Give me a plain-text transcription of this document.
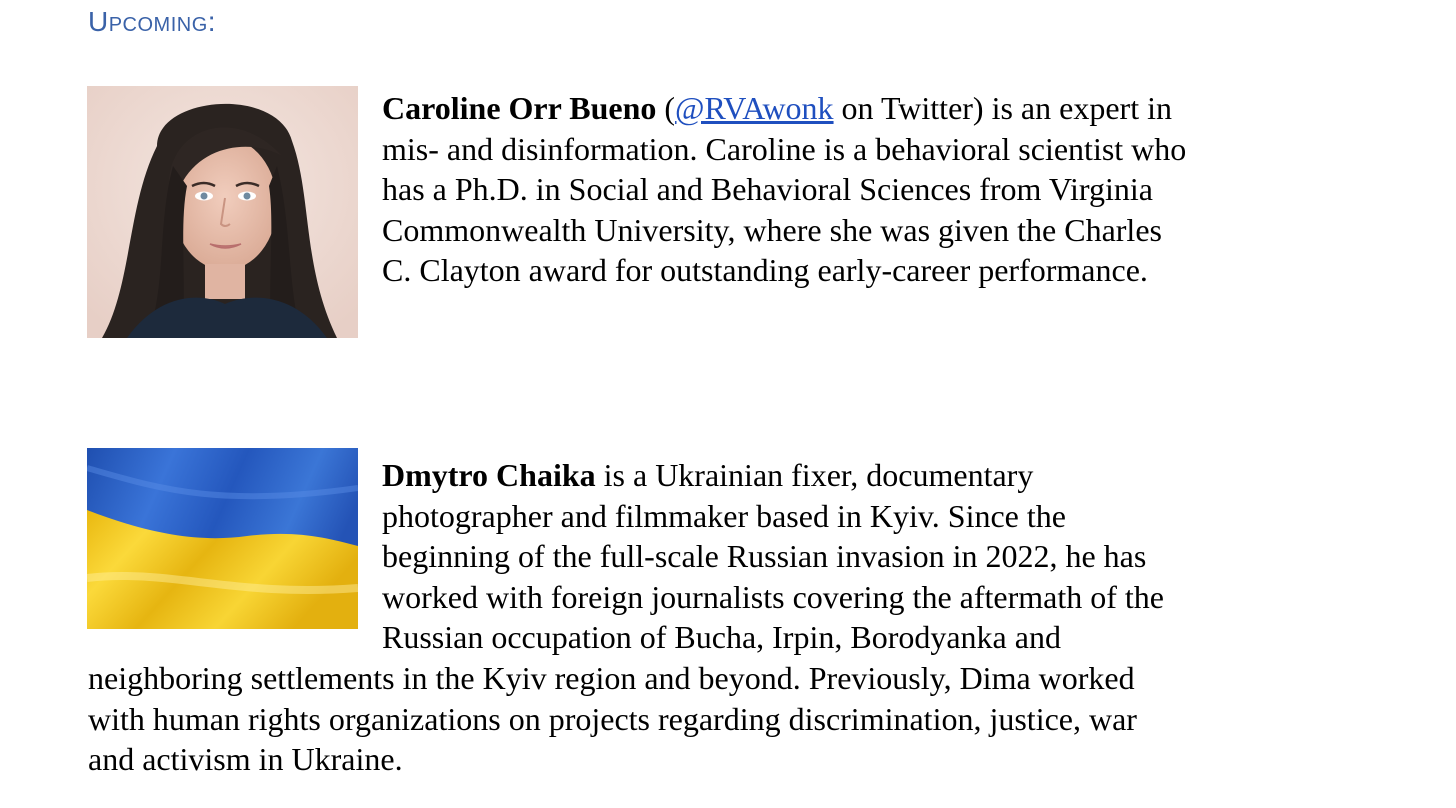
Upcoming:

Caroline Orr Bueno (@RVAwonk on Twitter) is an expert in
mis- and disinformation. Caroline is a behavioral scientist who
has a Ph.D. in Social and Behavioral Sciences from Virginia
Commonwealth University, where she was given the Charles
C. Clayton award for outstanding early-career performance.

Dmytro Chaika is a Ukrainian fixer, documentary
photographer and filmmaker based in Kyiv. Since the
beginning of the full-scale Russian invasion in 2022, he has
worked with foreign journalists covering the aftermath of the
Russian occupation of Bucha, Irpin, Borodyanka and
neighboring settlements in the Kyiv region and beyond. Previously, Dima worked
with human rights organizations on projects regarding discrimination, justice, war
and activism in Ukraine.
